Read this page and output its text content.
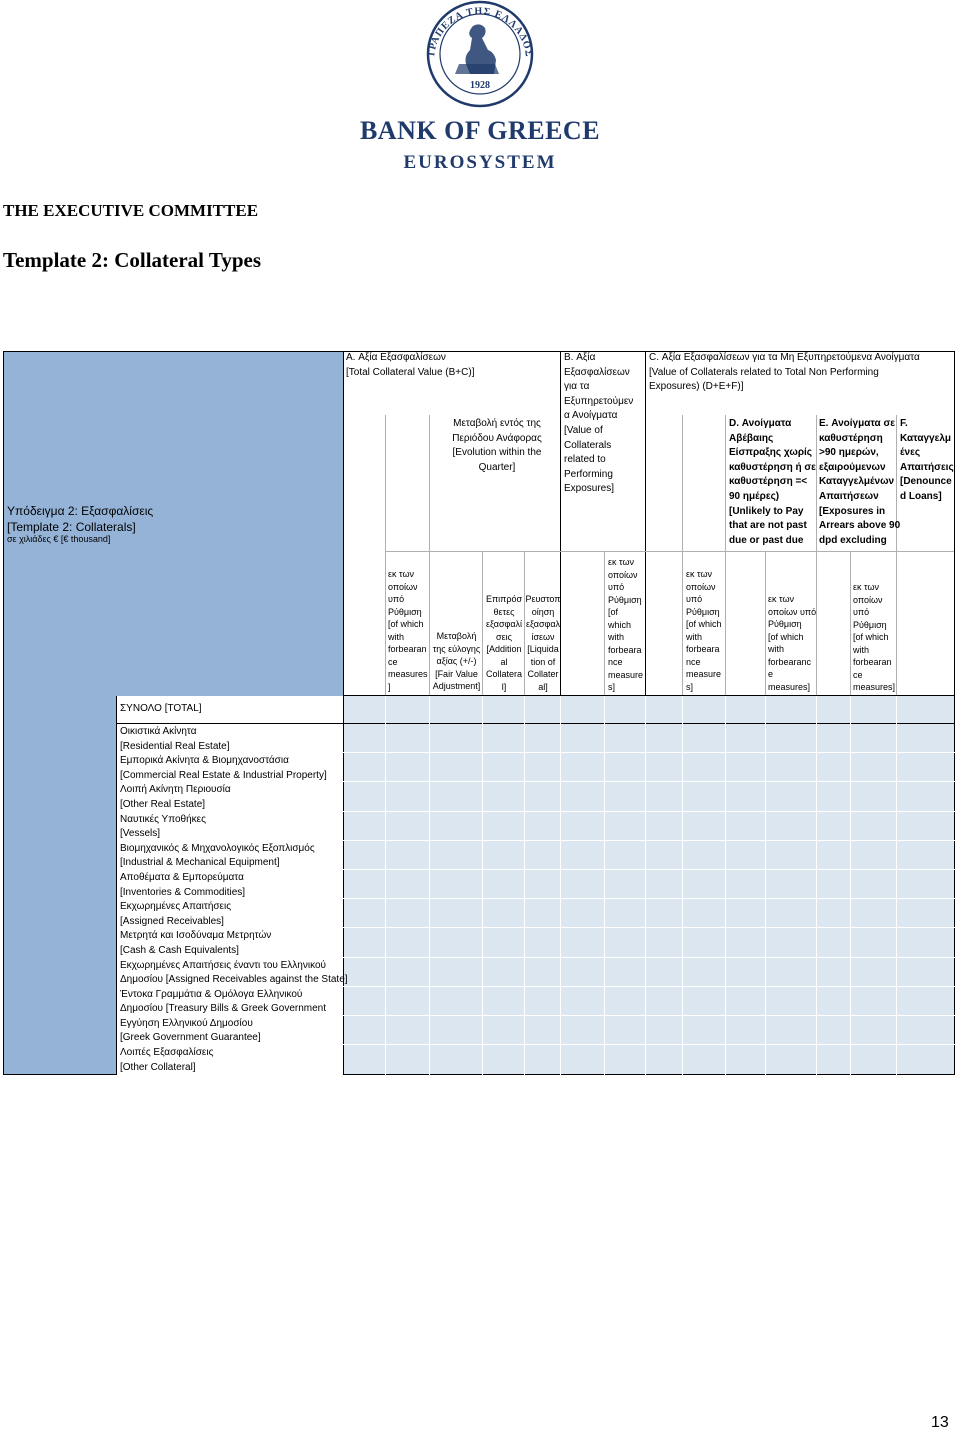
ΤΡΑΠΕΖΑ ΤΗΣ ΕΛΛΑΔΟΣ
1928
BANK OF GREECE
EUROSYSTEM
THE EXECUTIVE COMMITTEE
Template 2: Collateral Types
Υπόδειγμα 2: Εξασφαλίσεις
[Template 2: Collaterals]
σε χιλιάδες € [€ thousand]
A. Αξία Εξασφαλίσεων
[Total Collateral Value (B+C)]
Μεταβολή εντός της
Περιόδου Ανάφορας
[Evolution within the
Quarter]
B. Αξία
Εξασφαλίσεων
για τα
Εξυπηρετούμεν
α Ανοίγματα
[Value of
Collaterals
related to
Performing
Exposures]
C. Αξία Εξασφαλίσεων για τα Μη Εξυπηρετούμενα Ανοίγματα
[Value of Collaterals related to Total Non Performing
Exposures) (D+E+F)]
D. Ανοίγματα
Αβέβαιης
Είσπραξης χωρίς
καθυστέρηση ή σε
καθυστέρηση =<
90 ημέρες)
[Unlikely to Pay
that are not past
due or past due
E. Ανοίγματα σε
καθυστέρηση
>90 ημερών,
εξαιρούμενων
Καταγγελμένων
Απαιτήσεων
[Exposures in
Arrears above 90
dpd excluding
F.
Καταγγελμ
ένες
Απαιτήσεις
[Denounce
d Loans]
εκ των
οποίων
υπό
Ρύθμιση
[of which
with
forbearan
ce
measures
]
Μεταβολή
της εύλογης
αξίας (+/-)
[Fair Value
Adjustment]
Επιπρόσ
θετες
εξασφαλί
σεις
[Addition
al
Collatera
l]
Ρευστοπ
οίηση
εξασφαλ
ίσεων
[Liquida
tion of
Collater
al]
εκ των
οποίων
υπό
Ρύθμιση
[of
which
with
forbeara
nce
measure
s]
εκ των
οποίων
υπό
Ρύθμιση
[of which
with
forbeara
nce
measure
s]
εκ των
οποίων υπό
Ρύθμιση
[of which
with
forbearanc
e
measures]
εκ των
οποίων
υπό
Ρύθμιση
[of which
with
forbearan
ce
measures]
ΣΥΝΟΛΟ [TOTAL]
Οικιστικά Ακίνητα
[Residential Real Estate]
Εμπορικά Ακίνητα & Βιομηχανοστάσια
[Commercial Real Estate & Industrial Property]
Λοιπή Ακίνητη Περιουσία
[Other Real Estate]
Ναυτικές Υποθήκες
[Vessels]
Βιομηχανικός & Μηχανολογικός Εξοπλισμός
[Industrial & Mechanical Equipment]
Αποθέματα & Εμπορεύματα
[Inventories & Commodities]
Εκχωρημένες Απαιτήσεις
[Assigned Receivables]
Μετρητά και Ισοδύναμα Μετρητών
[Cash & Cash Equivalents]
Εκχωρημένες Απαιτήσεις έναντι του Ελληνικού
Δημοσίου [Assigned Receivables against the State]
Έντοκα Γραμμάτια & Ομόλογα Ελληνικού
Δημοσίου [Treasury Bills & Greek Government
Εγγύηση Ελληνικού Δημοσίου
[Greek Government Guarantee]
Λοιπές Εξασφαλίσεις
[Other Collateral]
13
